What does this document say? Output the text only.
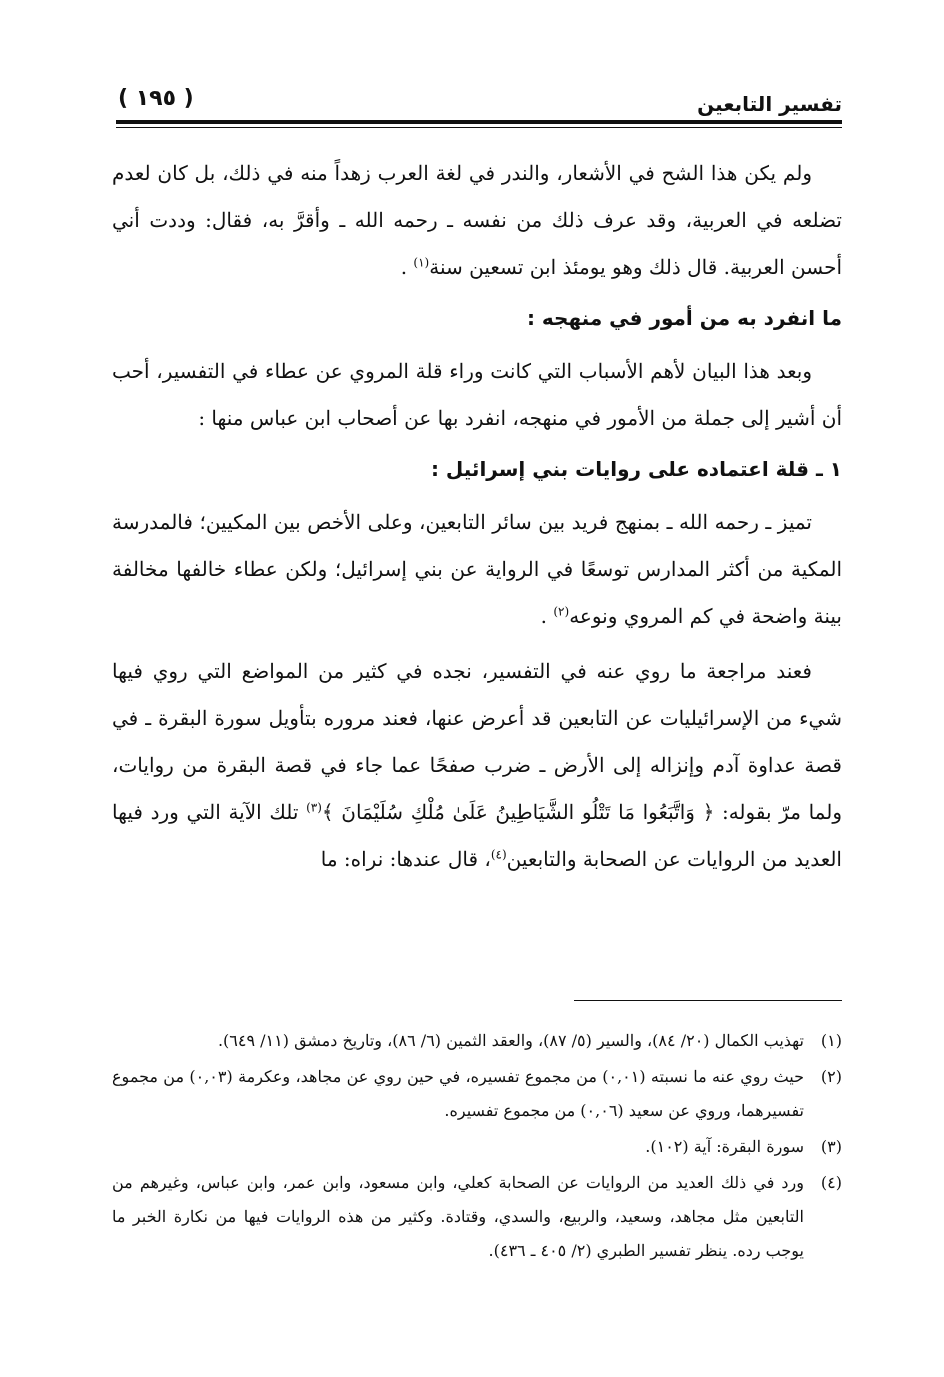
( ١٩٥ )	تفسير التابعين

ولم يكن هذا الشح في الأشعار، والندر في لغة العرب زهداً منه في ذلك، بل كان لعدم تضلعه في العربية، وقد عرف ذلك من نفسه ـ رحمه الله ـ وأقرَّ به، فقال: وددت أني أحسن العربية. قال ذلك وهو يومئذ ابن تسعين سنة$^{(١)}$ .

ما انفرد به من أمور في منهجه :

وبعد هذا البيان لأهم الأسباب التي كانت وراء قلة المروي عن عطاء في التفسير، أحب أن أشير إلى جملة من الأمور في منهجه، انفرد بها عن أصحاب ابن عباس منها :

١ ـ قلة اعتماده على روايات بني إسرائيل :

تميز ـ رحمه الله ـ بمنهج فريد بين سائر التابعين، وعلى الأخص بين المكيين؛ فالمدرسة المكية من أكثر المدارس توسعًا في الرواية عن بني إسرائيل؛ ولكن عطاء خالفها مخالفة بينة واضحة في كم المروي ونوعه$^{(٢)}$ .

فعند مراجعة ما روي عنه في التفسير، نجده في كثير من المواضع التي روي فيها شيء من الإسرائيليات عن التابعين قد أعرض عنها، فعند مروره بتأويل سورة البقرة ـ في قصة عداوة آدم وإنزاله إلى الأرض ـ ضرب صفحًا عما جاء في قصة البقرة من روايات، ولما مرّ بقوله: ﴿ وَاتَّبَعُوا مَا تَتْلُو الشَّيَاطِينُ عَلَىٰ مُلْكِ سُلَيْمَانَ ﴾$^{(٣)}$ تلك الآية التي ورد فيها العديد من الروايات عن الصحابة والتابعين$^{(٤)}$، قال عندها: نراه: ما

(١)
تهذيب الكمال (٢٠/ ٨٤)، والسير (٥/ ٨٧)، والعقد الثمين (٦/ ٨٦)، وتاريخ دمشق (١١/ ٦٤٩).
(٢)
حيث روي عنه ما نسبته (٠,٠١) من مجموع تفسيره، في حين روي عن مجاهد، وعكرمة (٠,٠٣) من مجموع تفسيرهما، وروي عن سعيد (٠,٠٦) من مجموع تفسيره.
(٣)
سورة البقرة: آية (١٠٢).
(٤)
ورد في ذلك العديد من الروايات عن الصحابة كعلي، وابن مسعود، وابن عمر، وابن عباس، وغيرهم من التابعين مثل مجاهد، وسعيد، والربيع، والسدي، وقتادة. وكثير من هذه الروايات فيها من نكارة الخبر ما يوجب رده. ينظر تفسير الطبري (٢/ ٤٠٥ ـ ٤٣٦).
